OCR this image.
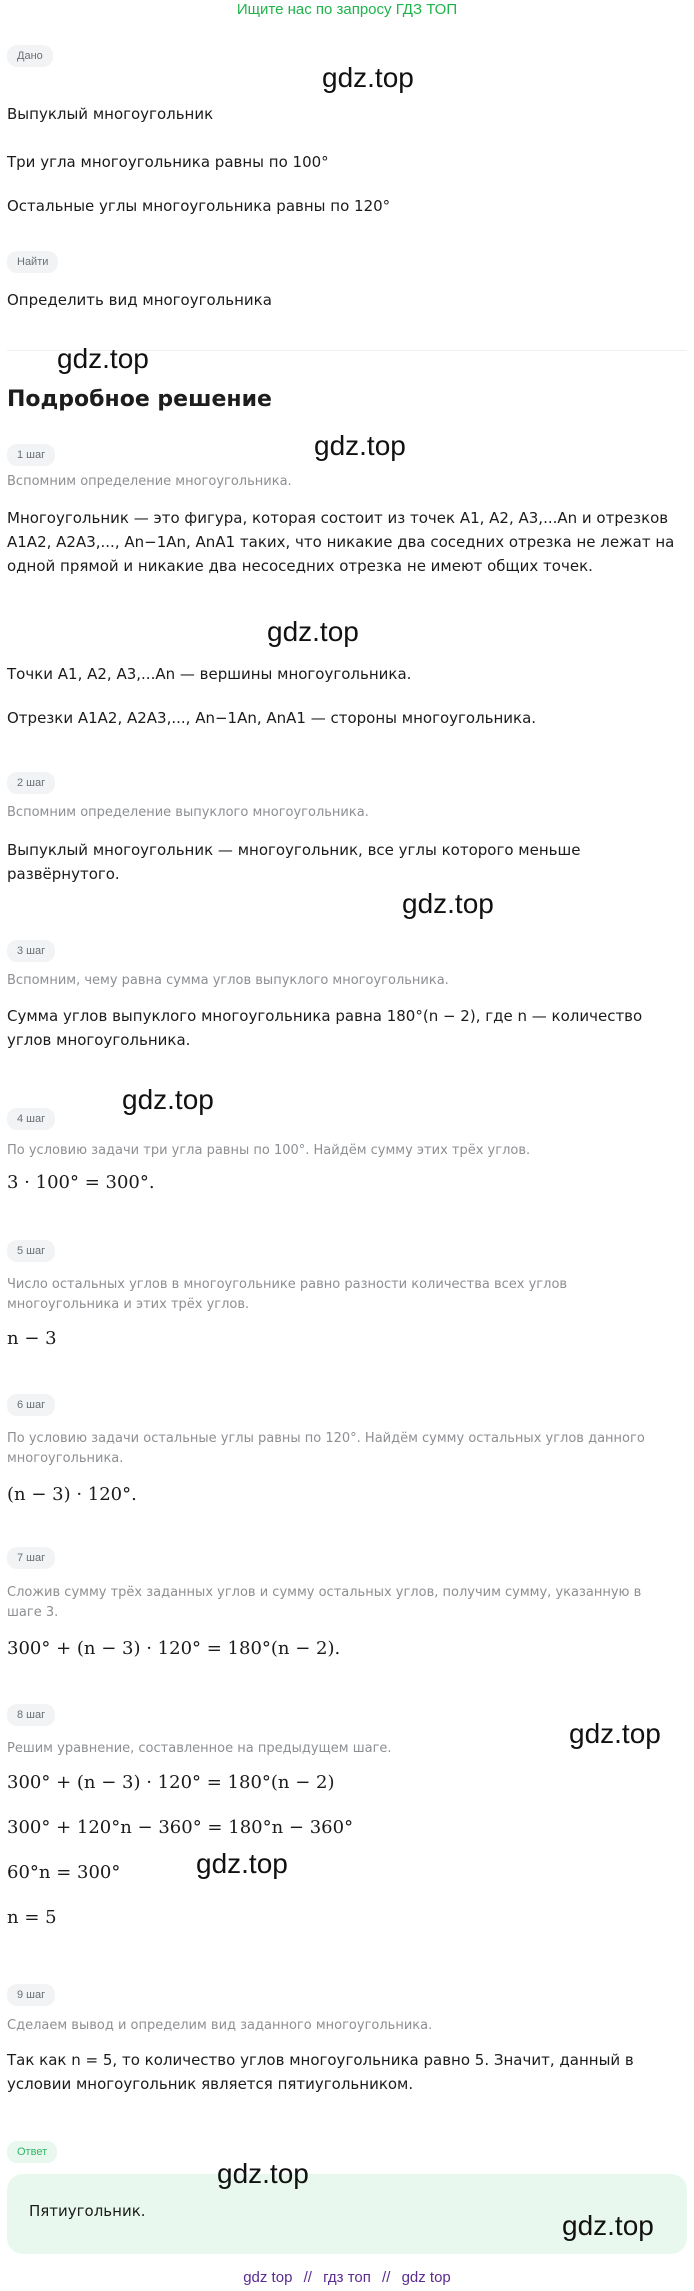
Ищите нас по запросу ГДЗ ТОП
Дано
Выпуклый многоугольник
Три угла многоугольника равны по 100°
Остальные углы многоугольника равны по 120°
Найти
Определить вид многоугольника
Подробное решение
1 шаг
Вспомним определение многоугольника.
Многоугольник — это фигура, которая состоит из точек A1, A2, A3,...An и отрезков A1A2, A2A3,..., An−1An, AnA1 таких, что никакие два соседних отрезка не лежат на одной прямой и никакие два несоседних отрезка не имеют общих точек.
Точки A1, A2, A3,...An — вершины многоугольника.
Отрезки A1A2, A2A3,..., An−1An, AnA1 — стороны многоугольника.
2 шаг
Вспомним определение выпуклого многоугольника.
Выпуклый многоугольник — многоугольник, все углы которого меньше развёрнутого.
3 шаг
Вспомним, чему равна сумма углов выпуклого многоугольника.
Сумма углов выпуклого многоугольника равна 180°(n − 2), где n — количество углов многоугольника.
4 шаг
По условию задачи три угла равны по 100°. Найдём сумму этих трёх углов.
3 · 100° = 300°.
5 шаг
Число остальных углов в многоугольнике равно разности количества всех углов многоугольника и этих трёх углов.
n − 3
6 шаг
По условию задачи остальные углы равны по 120°. Найдём сумму остальных углов данного многоугольника.
(n − 3) · 120°.
7 шаг
Сложив сумму трёх заданных углов и сумму остальных углов, получим сумму, указанную в шаге 3.
300° + (n − 3) · 120° = 180°(n − 2).
8 шаг
Решим уравнение, составленное на предыдущем шаге.
300° + (n − 3) · 120° = 180°(n − 2)
300° + 120°n − 360° = 180°n − 360°
60°n = 300°
n = 5
9 шаг
Сделаем вывод и определим вид заданного многоугольника.
Так как n = 5, то количество углов многоугольника равно 5. Значит, данный в условии многоугольник является пятиугольником.
Ответ
Пятиугольник.
gdz.top
gdz.top
gdz.top
gdz.top
gdz.top
gdz.top
gdz.top
gdz.top
gdz.top
gdz.top
gdz top // гдз топ // gdz top
